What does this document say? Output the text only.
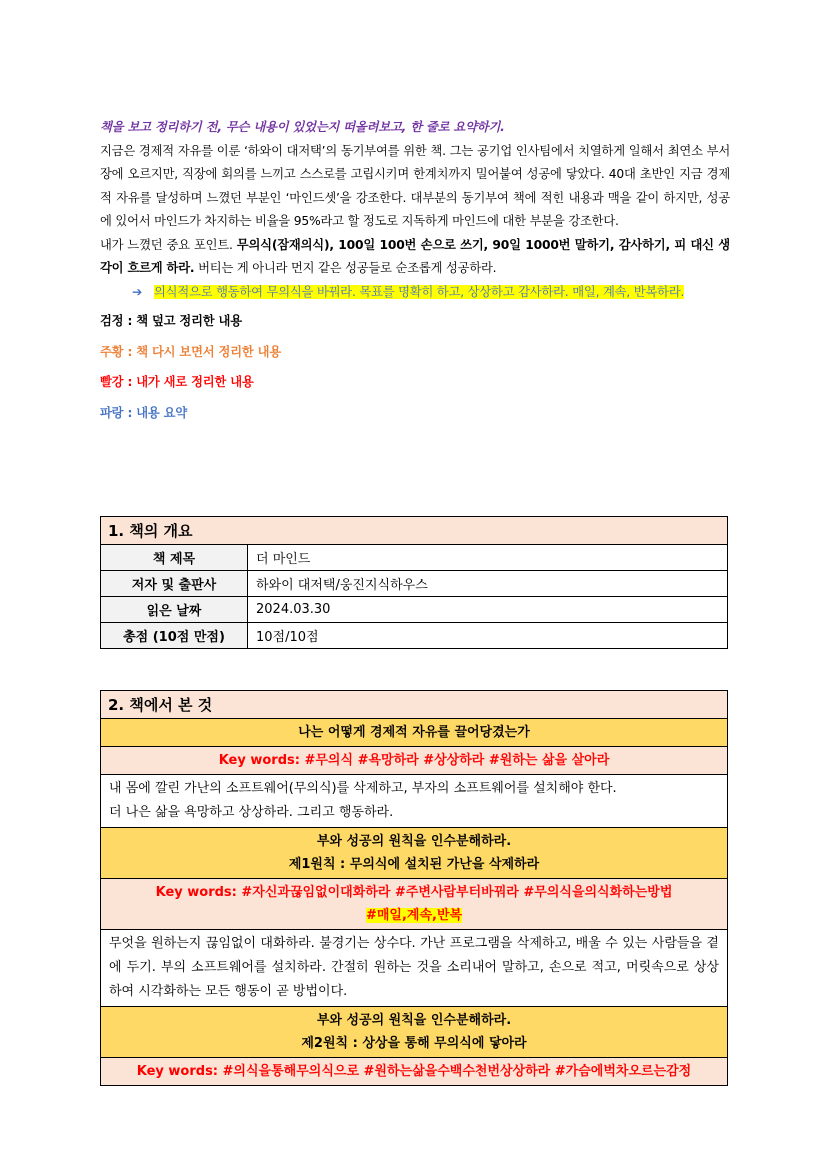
책을 보고 정리하기 전, 무슨 내용이 있었는지 떠올려보고, 한 줄로 요약하기.

지금은 경제적 자유를 이룬 ‘하와이 대저택’의 동기부여를 위한 책. 그는 공기업 인사팀에서 치열하게 일해서 최연소 부서장에 오르지만, 직장에 회의를 느끼고 스스로를 고립시키며 한계치까지 밀어붙여 성공에 닿았다. 40대 초반인 지금 경제적 자유를 달성하며 느꼈던 부분인 ‘마인드셋’을 강조한다. 대부분의 동기부여 책에 적힌 내용과 맥을 같이 하지만, 성공에 있어서 마인드가 차지하는 비율을 95%라고 할 정도로 지독하게 마인드에 대한 부분을 강조한다.

내가 느꼈던 중요 포인트. 무의식(잠재의식), 100일 100번 손으로 쓰기, 90일 1000번 말하기, 감사하기, 피 대신 생각이 흐르게 하라. 버티는 게 아니라 먼지 같은 성공들로 순조롭게 성공하라.

➔ 의식적으로 행동하여 무의식을 바꿔라. 목표를 명확히 하고, 상상하고 감사하라. 매일, 계속, 반복하라.

검정 : 책 덮고 정리한 내용

주황 : 책 다시 보면서 정리한 내용

빨강 : 내가 새로 정리한 내용

파랑 : 내용 요약

1. 책의 개요	
책 제목	더 마인드
저자 및 출판사	하와이 대저택/웅진지식하우스
읽은 날짜	2024.03.30
총점 (10점 만점)	10점/10점
2. 책에서 본 것
나는 어떻게 경제적 자유를 끌어당겼는가
Key words: #무의식 #욕망하라 #상상하라 #원하는 삶을 살아라

내 몸에 깔린 가난의 소프트웨어(무의식)를 삭제하고, 부자의 소프트웨어를 설치해야 한다.

더 나은 삶을 욕망하고 상상하라. 그리고 행동하라.

부와 성공의 원칙을 인수분해하라.
제1원칙 : 무의식에 설치된 가난을 삭제하라

Key words: #자신과끊임없이대화하라 #주변사람부터바꿔라 #무의식을의식화하는방법
#매일,계속,반복

무엇을 원하는지 끊임없이 대화하라. 불경기는 상수다. 가난 프로그램을 삭제하고, 배울 수 있는 사람들을 곁에 두기. 부의 소프트웨어를 설치하라. 간절히 원하는 것을 소리내어 말하고, 손으로 적고, 머릿속으로 상상하여 시각화하는 모든 행동이 곧 방법이다.

부와 성공의 원칙을 인수분해하라.
제2원칙 : 상상을 통해 무의식에 닿아라

Key words: #의식을통해무의식으로 #원하는삶을수백수천번상상하라 #가슴에벅차오르는감정
